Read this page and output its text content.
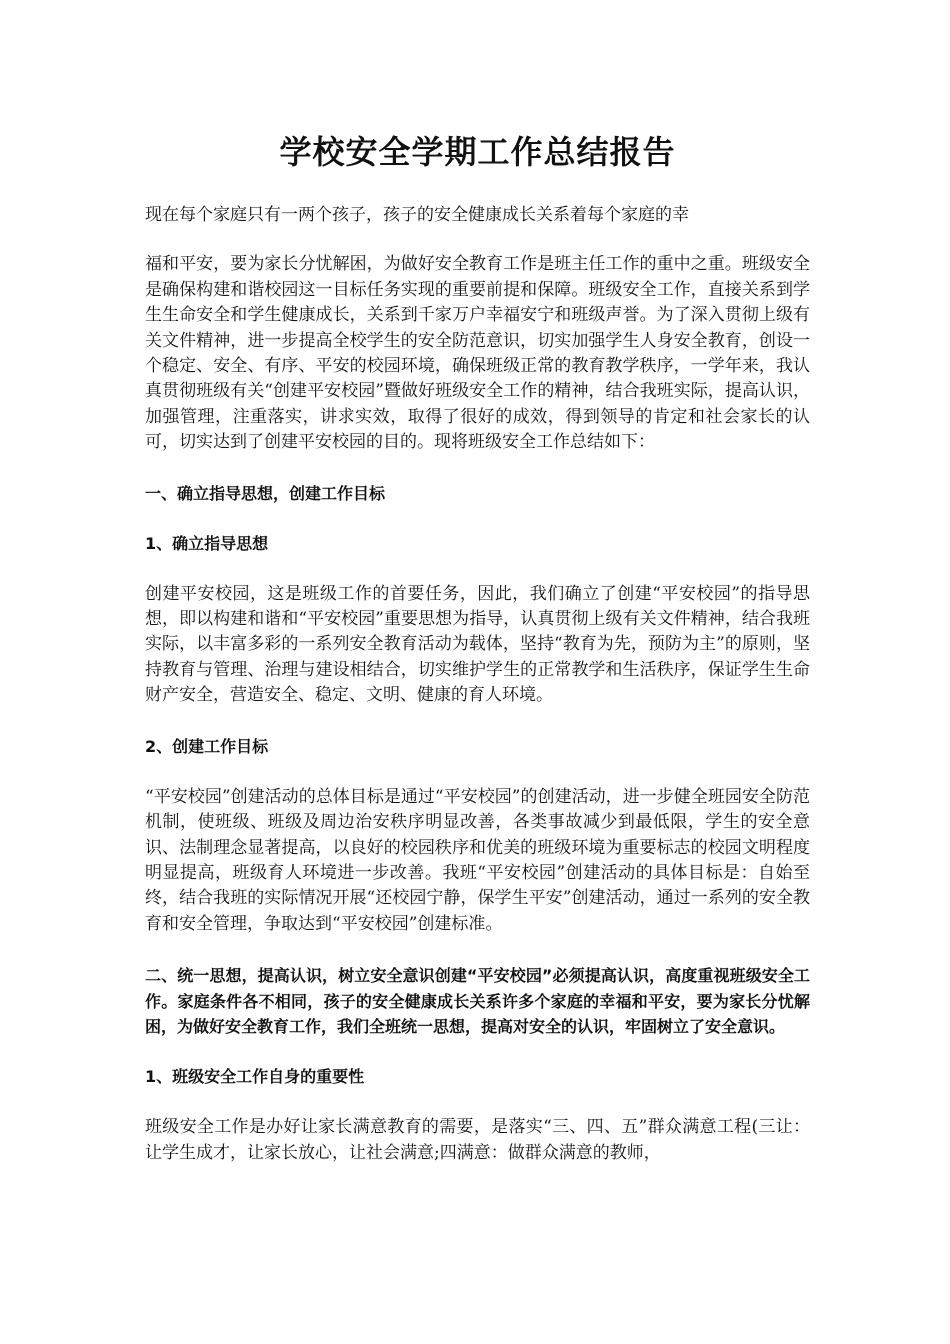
学校安全学期工作总结报告

现在每个家庭只有一两个孩子，孩子的安全健康成长关系着每个家庭的幸

福和平安，要为家长分忧解困，为做好安全教育工作是班主任工作的重中之重。班级安全是确保构建和谐校园这一目标任务实现的重要前提和保障。班级安全工作，直接关系到学生生命安全和学生健康成长，关系到千家万户幸福安宁和班级声誉。为了深入贯彻上级有关文件精神，进一步提高全校学生的安全防范意识，切实加强学生人身安全教育，创设一个稳定、安全、有序、平安的校园环境，确保班级正常的教育教学秩序，一学年来，我认真贯彻班级有关“创建平安校园”暨做好班级安全工作的精神，结合我班实际，提高认识，加强管理，注重落实，讲求实效，取得了很好的成效，得到领导的肯定和社会家长的认可，切实达到了创建平安校园的目的。现将班级安全工作总结如下：

一、确立指导思想，创建工作目标
1、确立指导思想

创建平安校园，这是班级工作的首要任务，因此，我们确立了创建“平安校园”的指导思想，即以构建和谐和“平安校园”重要思想为指导，认真贯彻上级有关文件精神，结合我班实际，以丰富多彩的一系列安全教育活动为载体，坚持“教育为先，预防为主”的原则，坚持教育与管理、治理与建设相结合，切实维护学生的正常教学和生活秩序，保证学生生命财产安全，营造安全、稳定、文明、健康的育人环境。

2、创建工作目标

“平安校园”创建活动的总体目标是通过“平安校园”的创建活动，进一步健全班园安全防范机制，使班级、班级及周边治安秩序明显改善，各类事故减少到最低限，学生的安全意识、法制理念显著提高，以良好的校园秩序和优美的班级环境为重要标志的校园文明程度明显提高，班级育人环境进一步改善。我班“平安校园”创建活动的具体目标是：自始至终，结合我班的实际情况开展“还校园宁静，保学生平安”创建活动，通过一系列的安全教育和安全管理，争取达到“平安校园”创建标准。

二、统一思想，提高认识，树立安全意识创建“平安校园”必须提高认识，高度重视班级安全工作。家庭条件各不相同，孩子的安全健康成长关系许多个家庭的幸福和平安，要为家长分忧解困，为做好安全教育工作，我们全班统一思想，提高对安全的认识，牢固树立了安全意识。
1、班级安全工作自身的重要性

班级安全工作是办好让家长满意教育的需要，是落实“三、四、五”群众满意工程(三让：让学生成才，让家长放心，让社会满意;四满意：做群众满意的教师，
